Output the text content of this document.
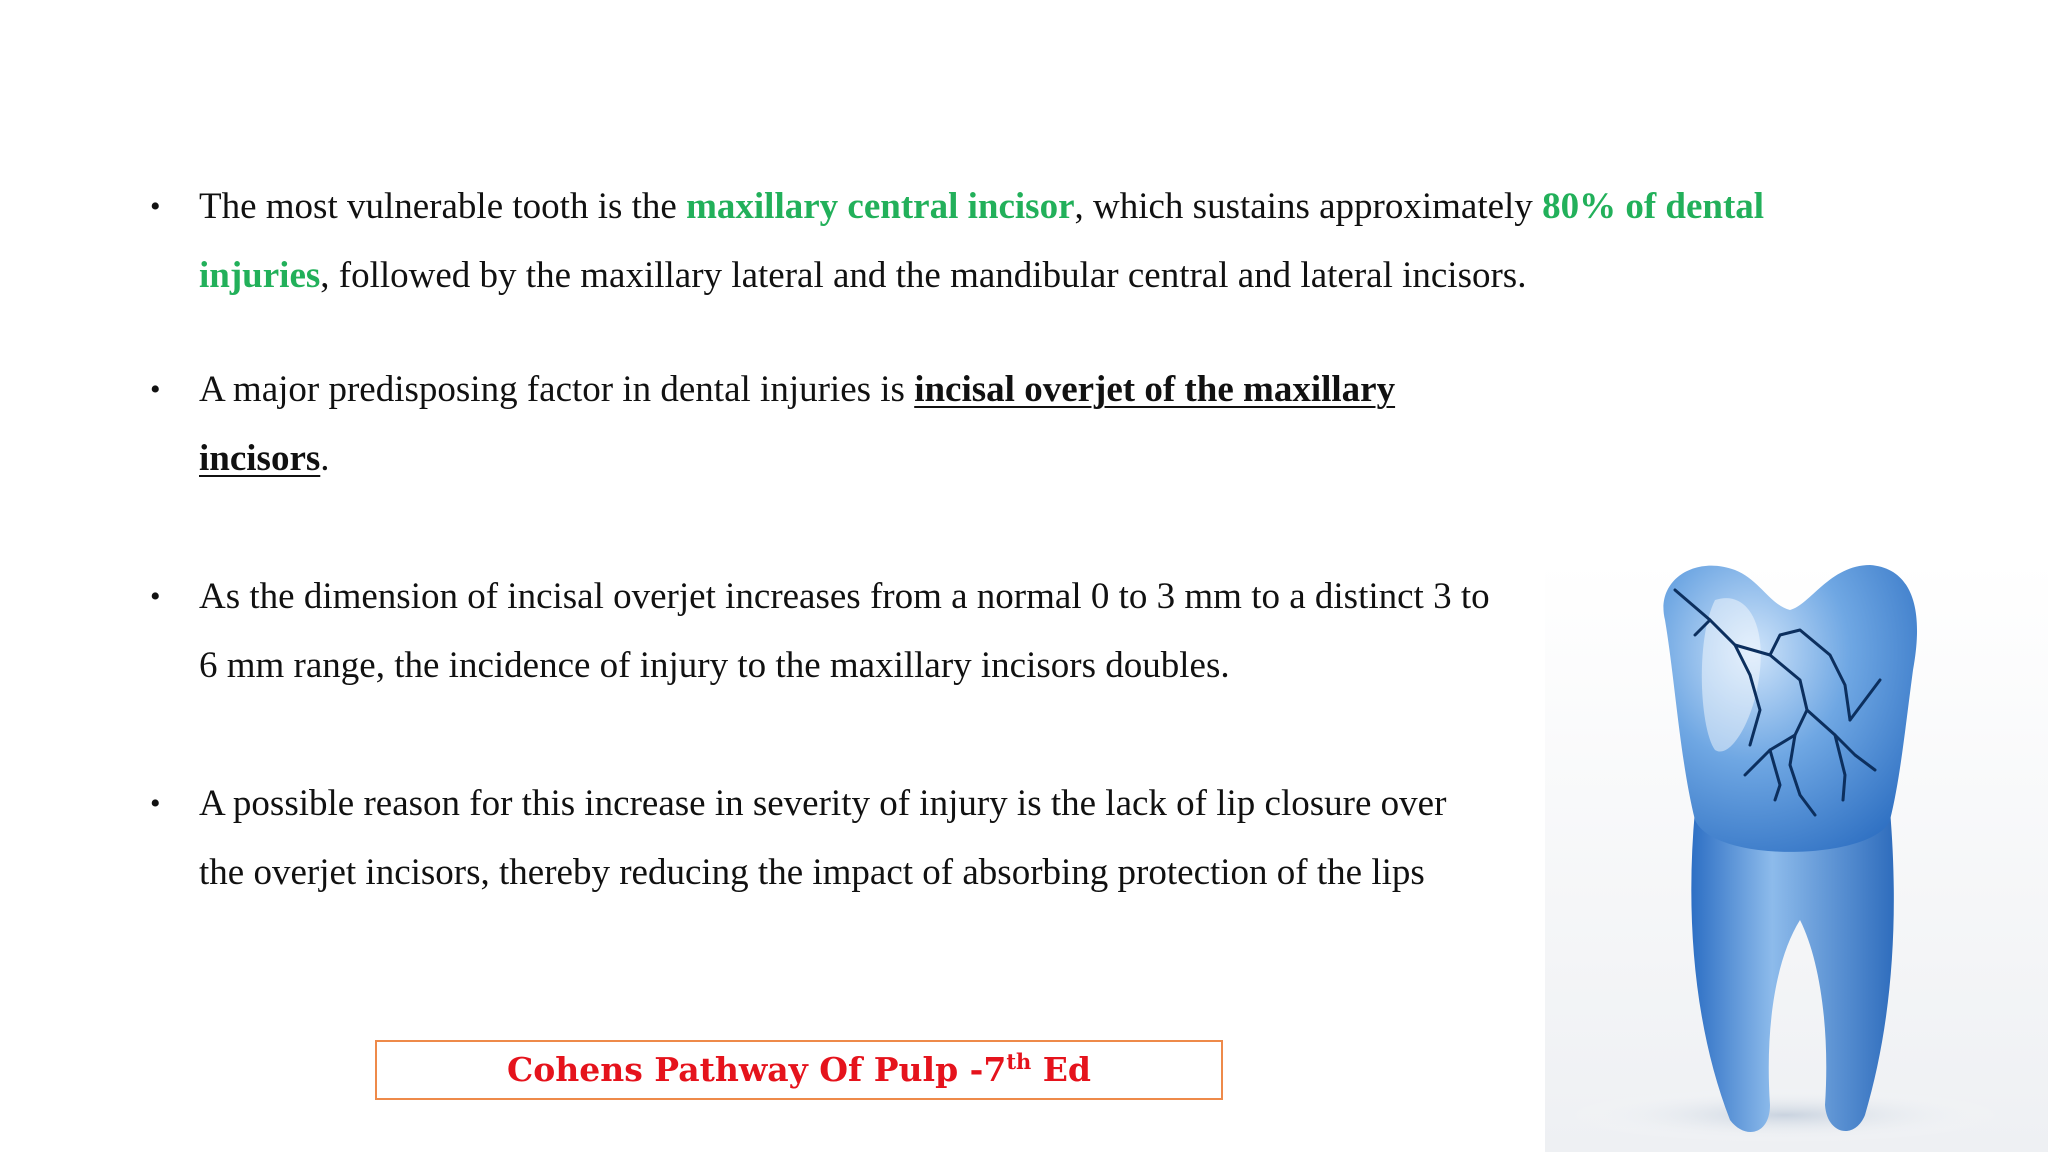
•	The most vulnerable tooth is the maxillary central incisor, which sustains approximately 80% of dental injuries, followed by the maxillary lateral and the mandibular central and lateral incisors.
•	A major predisposing factor in dental injuries is incisal overjet of the maxillary incisors.
•	As the dimension of incisal overjet increases from a normal 0 to 3 mm to a distinct 3 to 6 mm range, the incidence of injury to the maxillary incisors doubles.
•	A possible reason for this increase in severity of injury is the lack of lip closure over the overjet incisors, thereby reducing the impact of absorbing protection of the lips
Cohens Pathway Of Pulp -7th Ed
